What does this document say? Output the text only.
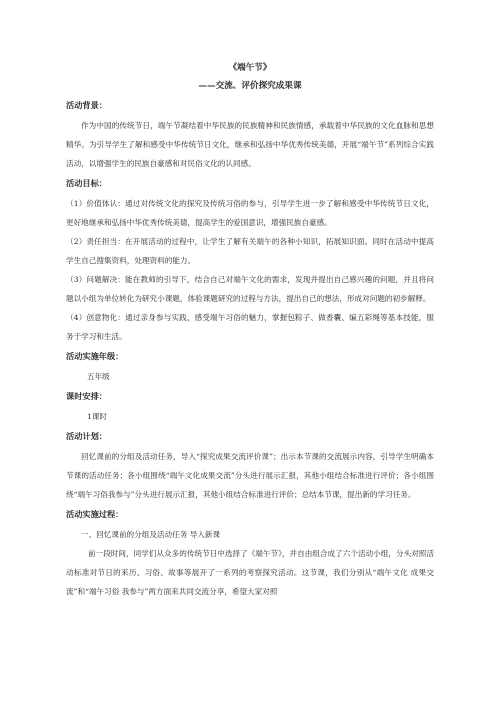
《端午节》
——交流、评价探究成果课
活动背景：

作为中国的传统节日，端午节凝结着中华民族的民族精神和民族情感，承载着中华民族的文化血脉和思想精华。为引导学生了解和感受中华传统节日文化，继承和弘扬中华优秀传统美德，开展“端午节”系列综合实践活动，以增强学生的民族自豪感和对民俗文化的认同感。

活动目标：

（1）价值体认：通过对传统文化的探究及传统习俗的参与，引导学生进一步了解和感受中华传统节日文化，更好地继承和弘扬中华优秀传统美德，提高学生的爱国意识，增强民族自豪感。

（2）责任担当：在开展活动的过程中，让学生了解有关端午的各种小知识，拓展知识面。同时在活动中提高学生自己搜集资料，处理资料的能力。

（3）问题解决：能在教师的引导下，结合自己对端午文化的需求，发现并提出自己感兴趣的问题，并且将问题以小组为单位转化为研究小课题，体验课题研究的过程与方法，提出自己的想法，形成对问题的初步解释。

（4）创意物化：通过亲身参与实践，感受端午习俗的魅力，掌握包粽子、做香囊、编五彩绳等基本技能，服务于学习和生活。

活动实施年级：

五年级

课时安排：

1课时

活动计划：

回忆课前的分组及活动任务，导入“探究成果交流评价课”；出示本节课的交流展示内容，引导学生明确本节课的活动任务；各小组围绕“端午文化成果交流”分头进行展示汇报，其他小组结合标准进行评价；各小组围绕“端午习俗我参与”分头进行展示汇报，其他小组结合标准进行评价；总结本节课，提出新的学习任务。

活动实施过程：

一、回忆课前的分组及活动任务 导入新课

前一段时间，同学们从众多的传统节日中选择了《端午节》，并自由组合成了六个活动小组，分头对照活动标准对节日的来历、习俗、故事等展开了一系列的考察探究活动。这节课，我们分别从“端午文化 成果交流”和“端午习俗 我参与”两方面来共同交流分享，希望大家对照
